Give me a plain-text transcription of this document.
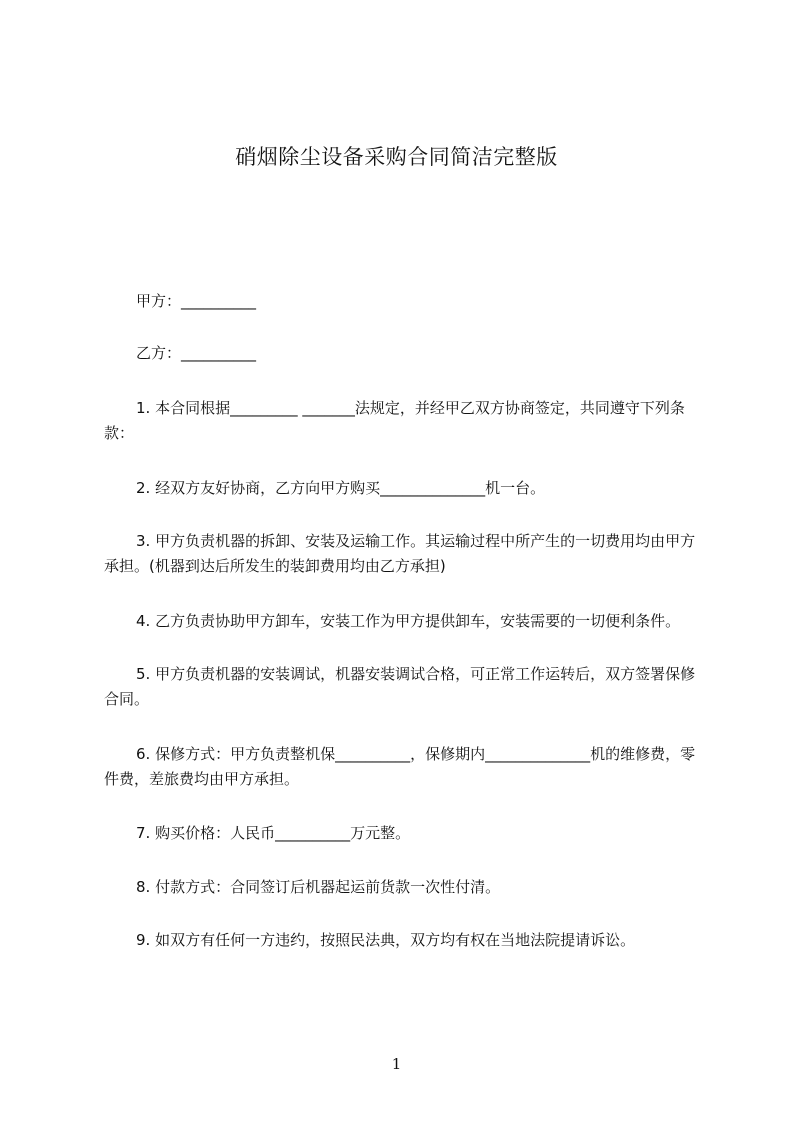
硝烟除尘设备采购合同简洁完整版
甲方：__________
乙方：__________
1. 本合同根据_________ _______法规定，并经甲乙双方协商签定，共同遵守下列条款：
2. 经双方友好协商，乙方向甲方购买______________机一台。
3. 甲方负责机器的拆卸、安装及运输工作。其运输过程中所产生的一切费用均由甲方承担。(机器到达后所发生的装卸费用均由乙方承担)
4. 乙方负责协助甲方卸车，安装工作为甲方提供卸车，安装需要的一切便利条件。
5. 甲方负责机器的安装调试，机器安装调试合格，可正常工作运转后，双方签署保修合同。
6. 保修方式：甲方负责整机保__________，保修期内______________机的维修费，零件费，差旅费均由甲方承担。
7. 购买价格：人民币__________万元整。
8. 付款方式：合同签订后机器起运前货款一次性付清。
9. 如双方有任何一方违约，按照民法典，双方均有权在当地法院提请诉讼。
1
